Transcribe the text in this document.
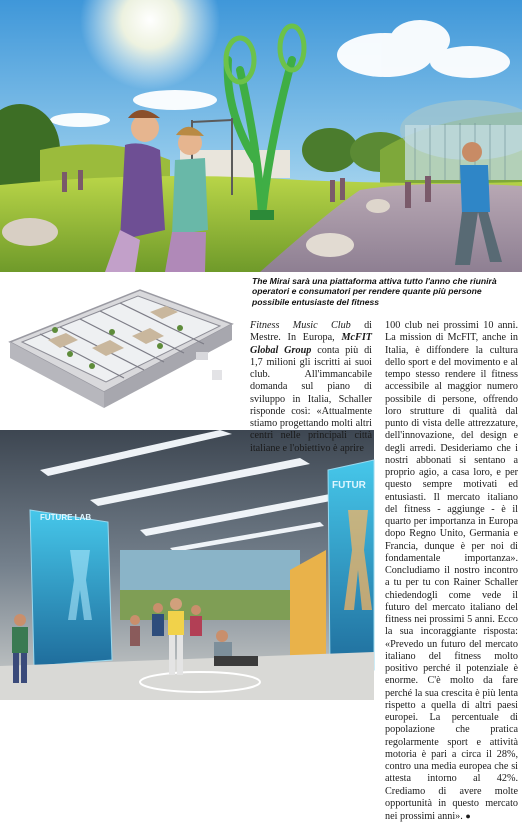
The Mirai sarà una piattaforma attiva tutto l'anno che riunirà operatori e consumatori per rendere quante più persone possibile entusiaste del fitness

FUTURE LAB
FUTUR

Fitness Music Club di Mestre. In Europa, McFIT Global Group conta più di 1,7 milioni gli iscritti ai suoi club. All'immancabile domanda sul piano di sviluppo in Italia, Schaller risponde così: «Attualmente stiamo progettando molti altri centri nelle principali città italiane e l'obiettivo è aprire

100 club nei prossimi 10 anni. La mission di McFIT, anche in Italia, è diffondere la cultura dello sport e del movimento e al tempo stesso rendere il fitness accessibile al maggior numero possibile di persone, offrendo loro strutture di qualità dal punto di vista delle attrezzature, dell'innovazione, del design e degli arredi. Desideriamo che i nostri abbonati si sentano a proprio agio, a casa loro, e per questo sempre motivati ed entusiasti. Il mercato italiano del fitness - aggiunge - è il quarto per importanza in Europa dopo Regno Unito, Germania e Francia, dunque è per noi di fondamentale importanza». Concludiamo il nostro incontro a tu per tu con Rainer Schaller chiedendogli come vede il futuro del mercato italiano del fitness nei prossimi 5 anni. Ecco la sua incoraggiante risposta: «Prevedo un futuro del mercato italiano del fitness molto positivo perché il potenziale è enorme. C'è molto da fare perché la sua crescita è più lenta rispetto a quella di altri paesi europei. La percentuale di popolazione che pratica regolarmente sport e attività motoria è pari a circa il 28%, contro una media europea che si attesta intorno al 42%. Crediamo di avere molte opportunità in questo mercato nei prossimi anni». ●
